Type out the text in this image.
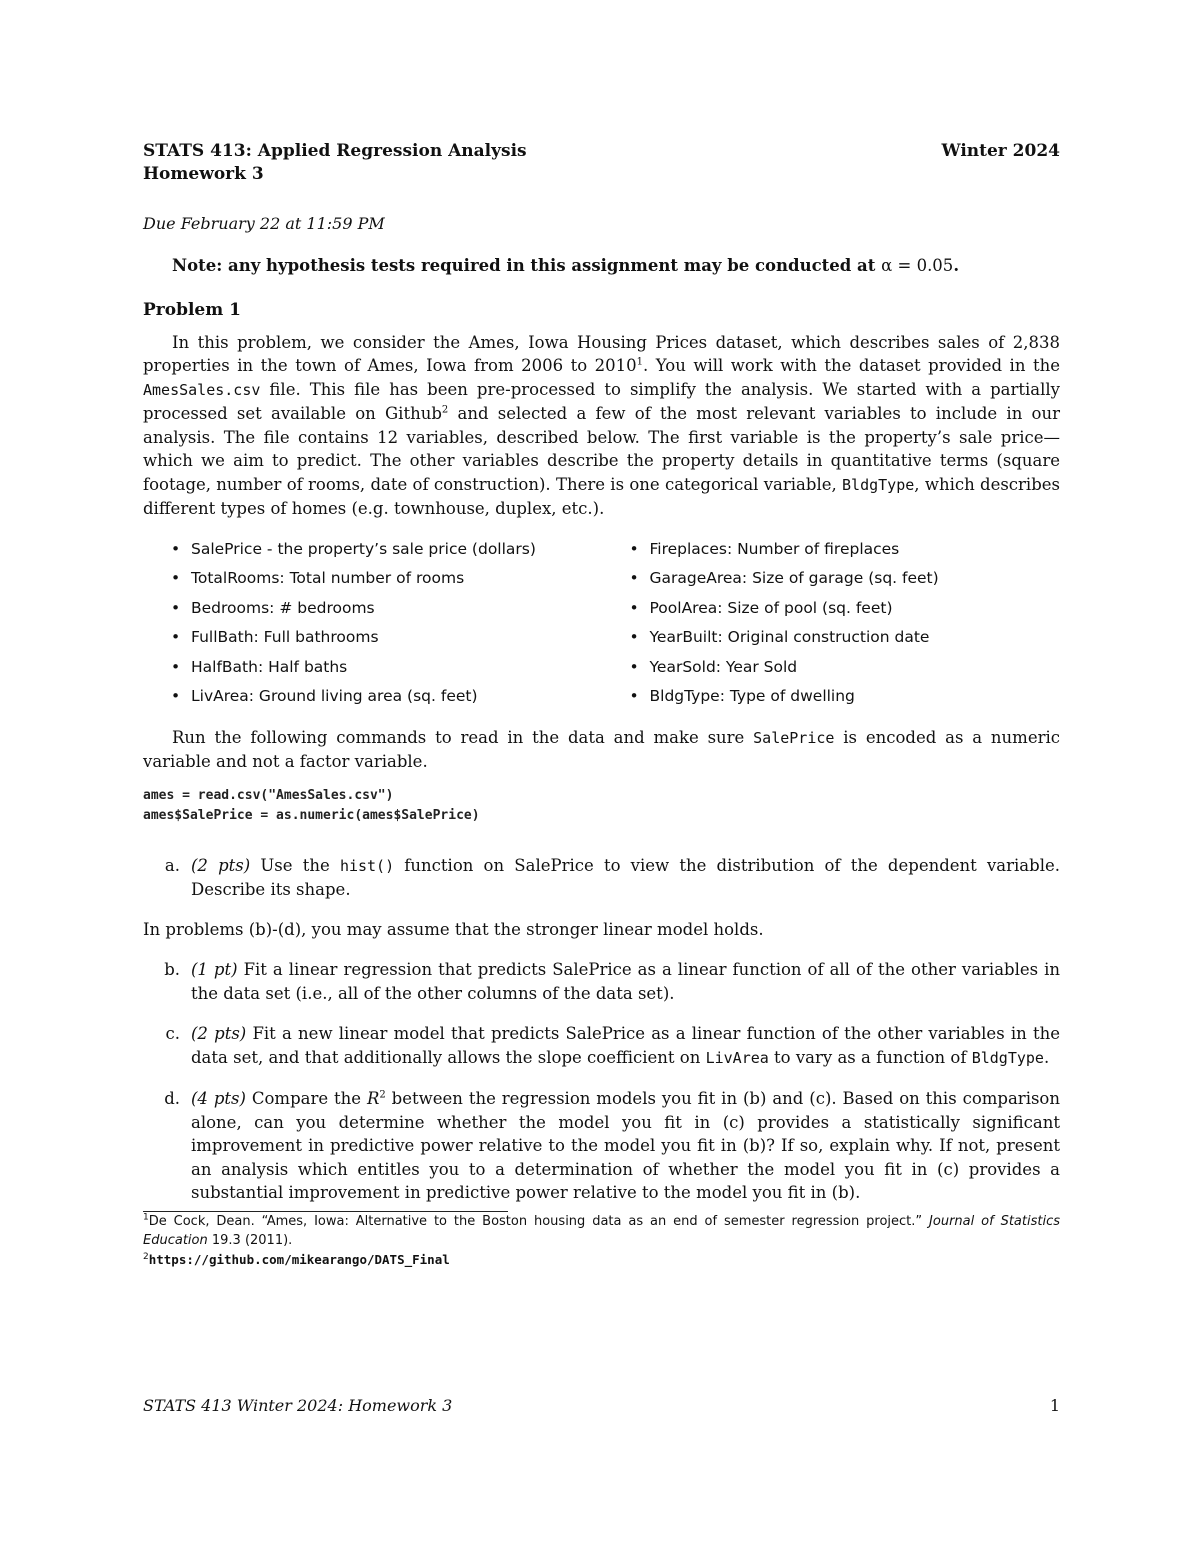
STATS 413: Applied Regression Analysis	Winter 2024
Homework 3
Due February 22 at 11:59 PM
Note: any hypothesis tests required in this assignment may be conducted at α = 0.05.
Problem 1
In this problem, we consider the Ames, Iowa Housing Prices dataset, which describes sales of 2,838 properties in the town of Ames, Iowa from 2006 to 2010$^1$. You will work with the dataset provided in the AmesSales.csv file. This file has been pre-processed to simplify the analysis. We started with a partially processed set available on Github$^2$ and selected a few of the most relevant variables to include in our analysis. The file contains 12 variables, described below. The first variable is the property’s sale price—which we aim to predict. The other variables describe the property details in quantitative terms (square footage, number of rooms, date of construction). There is one categorical variable, BldgType, which describes different types of homes (e.g. townhouse, duplex, etc.).
• SalePrice - the property’s sale price (dollars)
• TotalRooms: Total number of rooms
• Bedrooms: # bedrooms
• FullBath: Full bathrooms
• HalfBath: Half baths
• LivArea: Ground living area (sq. feet)
• Fireplaces: Number of fireplaces
• GarageArea: Size of garage (sq. feet)
• PoolArea: Size of pool (sq. feet)
• YearBuilt: Original construction date
• YearSold: Year Sold
• BldgType: Type of dwelling
Run the following commands to read in the data and make sure SalePrice is encoded as a numeric variable and not a factor variable.
ames = read.csv("AmesSales.csv")
ames$SalePrice = as.numeric(ames$SalePrice)
a. (2 pts) Use the hist() function on SalePrice to view the distribution of the dependent variable. Describe its shape.
In problems (b)-(d), you may assume that the stronger linear model holds.
b. (1 pt) Fit a linear regression that predicts SalePrice as a linear function of all of the other variables in the data set (i.e., all of the other columns of the data set).
c. (2 pts) Fit a new linear model that predicts SalePrice as a linear function of the other variables in the data set, and that additionally allows the slope coefficient on LivArea to vary as a function of BldgType.
d. (4 pts) Compare the $R^2$ between the regression models you fit in (b) and (c). Based on this comparison alone, can you determine whether the model you fit in (c) provides a statistically significant improvement in predictive power relative to the model you fit in (b)? If so, explain why. If not, present an analysis which entitles you to a determination of whether the model you fit in (c) provides a substantial improvement in predictive power relative to the model you fit in (b).
$^1$De Cock, Dean. “Ames, Iowa: Alternative to the Boston housing data as an end of semester regression project.” Journal of Statistics Education 19.3 (2011).
$^2$https://github.com/mikearango/DATS_Final
STATS 413 Winter 2024: Homework 3	1
